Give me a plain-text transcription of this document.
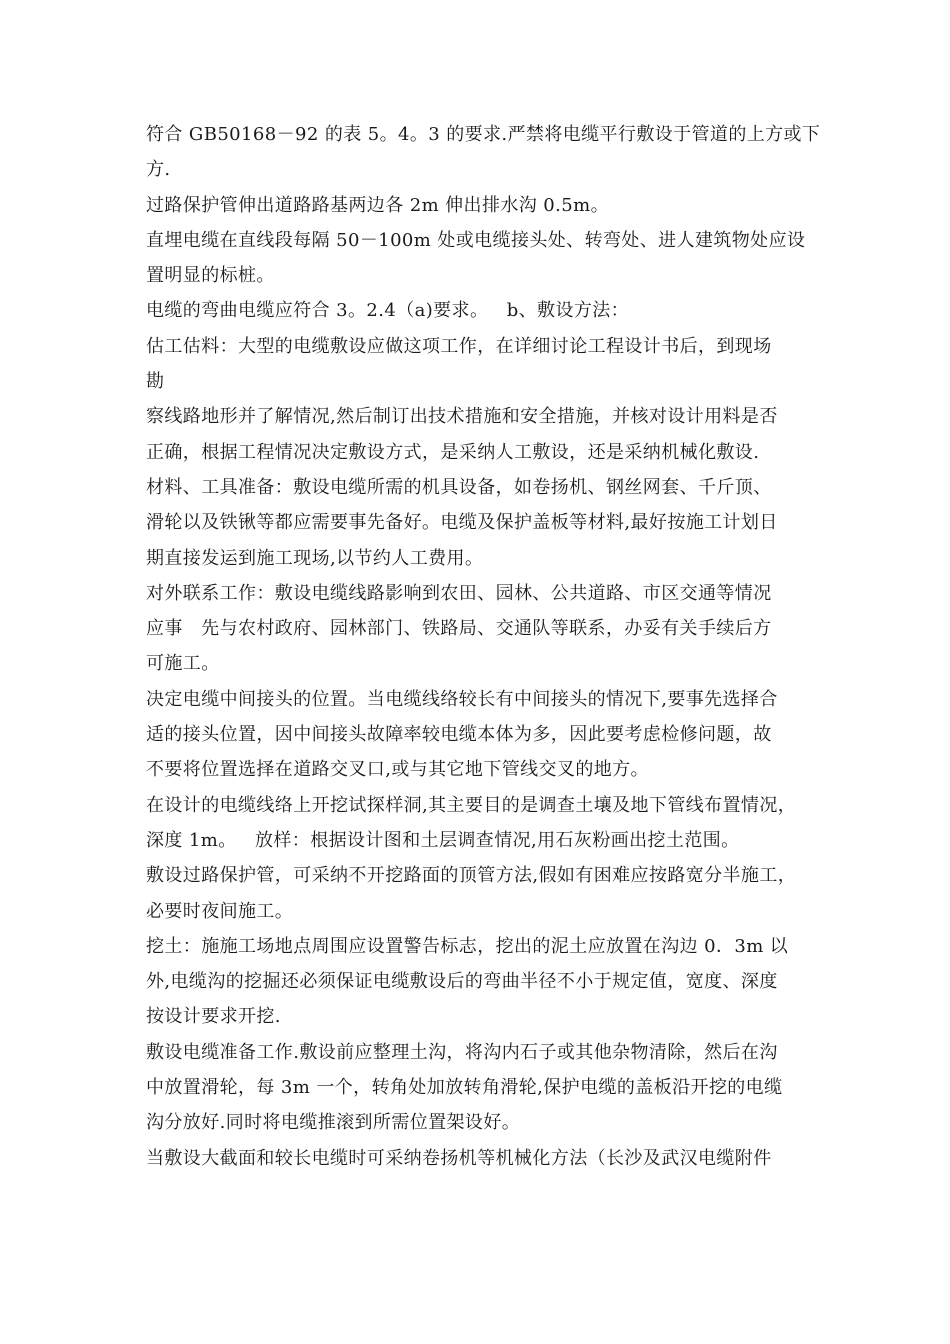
符合 GB50168－92 的表 5。4。3 的要求.严禁将电缆平行敷设于管道的上方或下
方.
过路保护管伸出道路路基两边各 2m 伸出排水沟 0.5m。
直埋电缆在直线段每隔 50－100m 处或电缆接头处、转弯处、进人建筑物处应设
置明显的标桩。
电缆的弯曲电缆应符合 3。2.4（a)要求。   b、敷设方法：
估工估料：大型的电缆敷设应做这项工作，在详细讨论工程设计书后，到现场
勘
察线路地形并了解情况,然后制订出技术措施和安全措施，并核对设计用料是否
正确，根据工程情况决定敷设方式，是采纳人工敷设，还是采纳机械化敷设.
材料、工具准备：敷设电缆所需的机具设备，如卷扬机、钢丝网套、千斤顶、
滑轮以及铁锹等都应需要事先备好。电缆及保护盖板等材料,最好按施工计划日
期直接发运到施工现场,以节约人工费用。
对外联系工作：敷设电缆线路影响到农田、园林、公共道路、市区交通等情况
应事   先与农村政府、园林部门、铁路局、交通队等联系，办妥有关手续后方
可施工。
决定电缆中间接头的位置。当电缆线络较长有中间接头的情况下,要事先选择合
适的接头位置，因中间接头故障率较电缆本体为多，因此要考虑检修问题，故
不要将位置选择在道路交叉口,或与其它地下管线交叉的地方。
在设计的电缆线络上开挖试探样洞,其主要目的是调查土壤及地下管线布置情况，
深度 1m。   放样：根据设计图和土层调查情况,用石灰粉画出挖土范围。
敷设过路保护管，可采纳不开挖路面的顶管方法,假如有困难应按路宽分半施工，
必要时夜间施工。
挖土：施施工场地点周围应设置警告标志，挖出的泥土应放置在沟边 0．3m 以
外,电缆沟的挖掘还必须保证电缆敷设后的弯曲半径不小于规定值，宽度、深度
按设计要求开挖.
敷设电缆准备工作.敷设前应整理土沟，将沟内石子或其他杂物清除，然后在沟
中放置滑轮，每 3m 一个，转角处加放转角滑轮,保护电缆的盖板沿开挖的电缆
沟分放好.同时将电缆推滚到所需位置架设好。
当敷设大截面和较长电缆时可采纳卷扬机等机械化方法（长沙及武汉电缆附件
